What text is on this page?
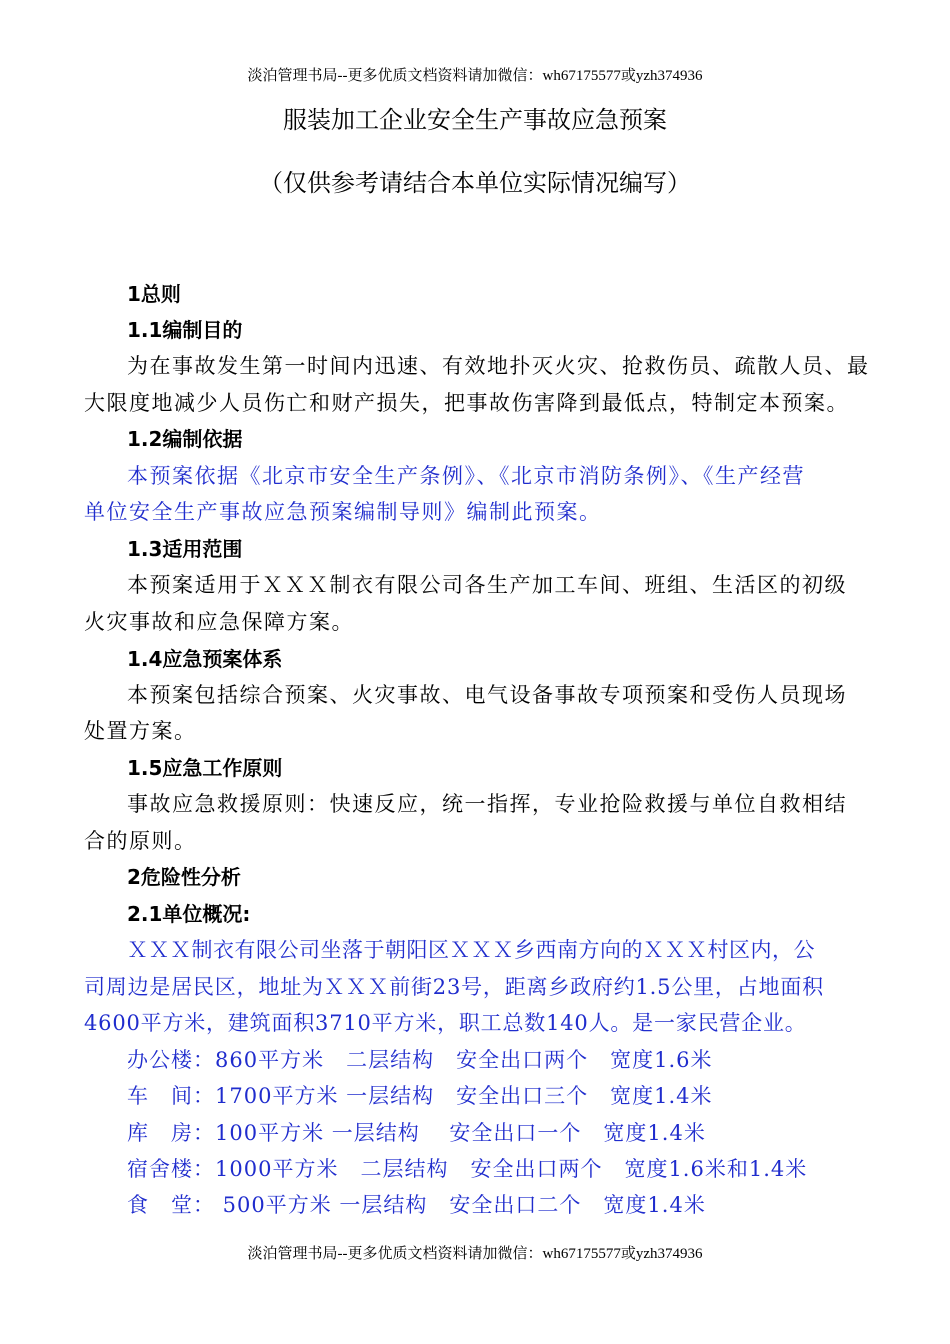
淡泊管理书局--更多优质文档资料请加微信：wh67175577或yzh374936
服装加工企业安全生产事故应急预案
（仅供参考请结合本单位实际情况编写）
1总则
1.1编制目的
为在事故发生第一时间内迅速、有效地扑灭火灾、抢救伤员、疏散人员、最
大限度地减少人员伤亡和财产损失，把事故伤害降到最低点，特制定本预案。
1.2编制依据
本预案依据《北京市安全生产条例》、《北京市消防条例》、《生产经营
单位安全生产事故应急预案编制导则》编制此预案。
1.3适用范围
本预案适用于ＸＸＸ制衣有限公司各生产加工车间、班组、生活区的初级
火灾事故和应急保障方案。
1.4应急预案体系
本预案包括综合预案、火灾事故、电气设备事故专项预案和受伤人员现场
处置方案。
1.5应急工作原则
事故应急救援原则：快速反应，统一指挥，专业抢险救援与单位自救相结
合的原则。
2危险性分析
2.1单位概况:
ＸＸＸ制衣有限公司坐落于朝阳区ＸＸＸ乡西南方向的ＸＸＸ村区内，公
司周边是居民区，地址为ＸＸＸ前街23号，距离乡政府约1.5公里，占地面积
4600平方米，建筑面积3710平方米，职工总数140人。是一家民营企业。
办公楼：860平方米　二层结构　安全出口两个　宽度1.6米
车　间：1700平方米 一层结构　安全出口三个　宽度1.4米
库　房：100平方米 一层结构　 安全出口一个　宽度1.4米
宿舍楼：1000平方米　二层结构　安全出口两个　宽度1.6米和1.4米
食　堂： 500平方米 一层结构　安全出口二个　宽度1.4米
淡泊管理书局--更多优质文档资料请加微信：wh67175577或yzh374936
